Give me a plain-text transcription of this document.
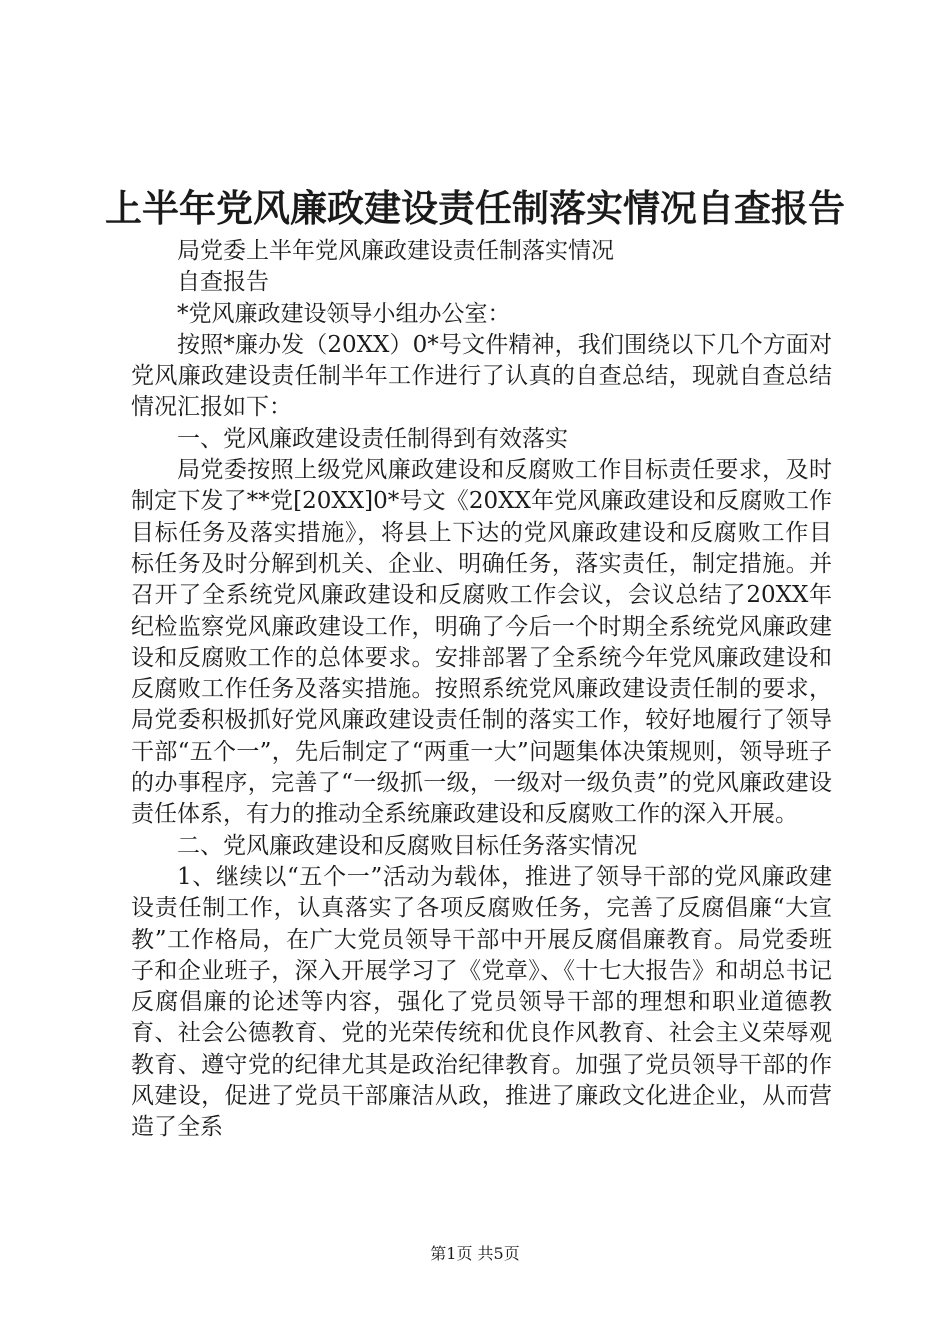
上半年党风廉政建设责任制落实情况自查报告

局党委上半年党风廉政建设责任制落实情况

自查报告

*党风廉政建设领导小组办公室：

按照*廉办发（20XX）0*号文件精神，我们围绕以下几个方面对党风廉政建设责任制半年工作进行了认真的自查总结，现就自查总结情况汇报如下：

一、党风廉政建设责任制得到有效落实

局党委按照上级党风廉政建设和反腐败工作目标责任要求，及时制定下发了**党[20XX]0*号文《20XX年党风廉政建设和反腐败工作目标任务及落实措施》，将县上下达的党风廉政建设和反腐败工作目标任务及时分解到机关、企业、明确任务，落实责任，制定措施。并召开了全系统党风廉政建设和反腐败工作会议，会议总结了20XX年纪检监察党风廉政建设工作，明确了今后一个时期全系统党风廉政建设和反腐败工作的总体要求。安排部署了全系统今年党风廉政建设和反腐败工作任务及落实措施。按照系统党风廉政建设责任制的要求，局党委积极抓好党风廉政建设责任制的落实工作，较好地履行了领导干部“五个一”，先后制定了“两重一大”问题集体决策规则，领导班子的办事程序，完善了“一级抓一级，一级对一级负责”的党风廉政建设责任体系，有力的推动全系统廉政建设和反腐败工作的深入开展。

二、党风廉政建设和反腐败目标任务落实情况

1、继续以“五个一”活动为载体，推进了领导干部的党风廉政建设责任制工作，认真落实了各项反腐败任务，完善了反腐倡廉“大宣教”工作格局，在广大党员领导干部中开展反腐倡廉教育。局党委班子和企业班子，深入开展学习了《党章》、《十七大报告》和胡总书记反腐倡廉的论述等内容，强化了党员领导干部的理想和职业道德教育、社会公德教育、党的光荣传统和优良作风教育、社会主义荣辱观教育、遵守党的纪律尤其是政治纪律教育。加强了党员领导干部的作风建设，促进了党员干部廉洁从政，推进了廉政文化进企业，从而营造了全系

第1页 共5页
